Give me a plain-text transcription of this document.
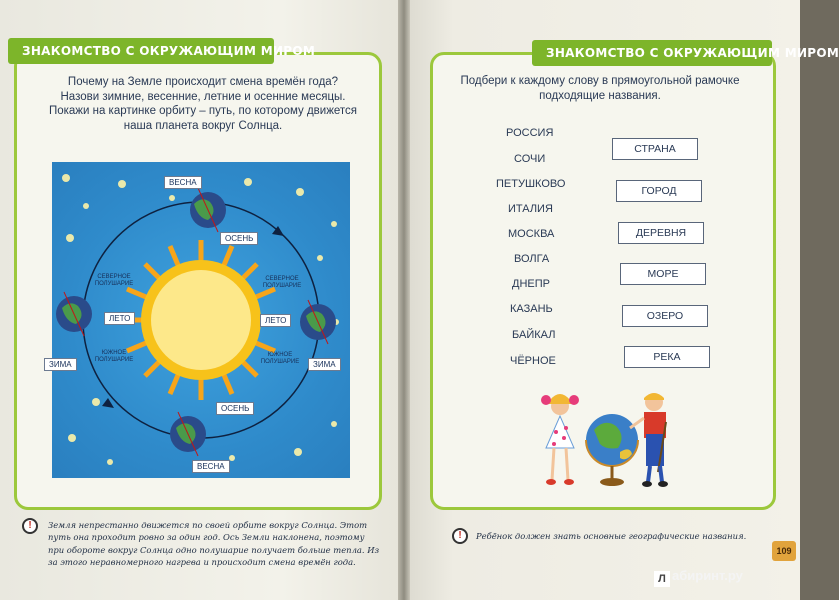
ЗНАКОМСТВО С ОКРУЖАЮЩИМ МИРОМ
Почему на Земле происходит смена времён года? Назови зимние, весенние, летние и осенние месяцы. Покажи на картинке орбиту – путь, по которому движется наша планета вокруг Солнца.
ВЕСНА
ОСЕНЬ
ЛЕТО	ЛЕТО
ЗИМА	ЗИМА
ОСЕНЬ
ВЕСНА
СЕВЕРНОЕ ПОЛУШАРИЕ
СЕВЕРНОЕ ПОЛУШАРИЕ
ЮЖНОЕ ПОЛУШАРИЕ
ЮЖНОЕ ПОЛУШАРИЕ
!	Земля непрестанно движется по своей орбите вокруг Солнца. Этот путь она проходит ровно за один год. Ось Земли наклонена, поэтому при обороте вокруг Солнца одно полушарие получает больше тепла. Из за этого неравномерного нагрева и происходит смена времён года.
ЗНАКОМСТВО С ОКРУЖАЮЩИМ МИРОМ
Подбери к каждому слову в прямоугольной рамочке подходящие названия.
РОССИЯ
СОЧИ
ПЕТУШКОВО
ИТАЛИЯ
МОСКВА
ВОЛГА
ДНЕПР
КАЗАНЬ
БАЙКАЛ
ЧЁРНОЕ
СТРАНА
ГОРОД
ДЕРЕВНЯ
МОРЕ
ОЗЕРО
РЕКА
!	Ребёнок должен знать основные географические названия.
109
Л абиринт.ру
